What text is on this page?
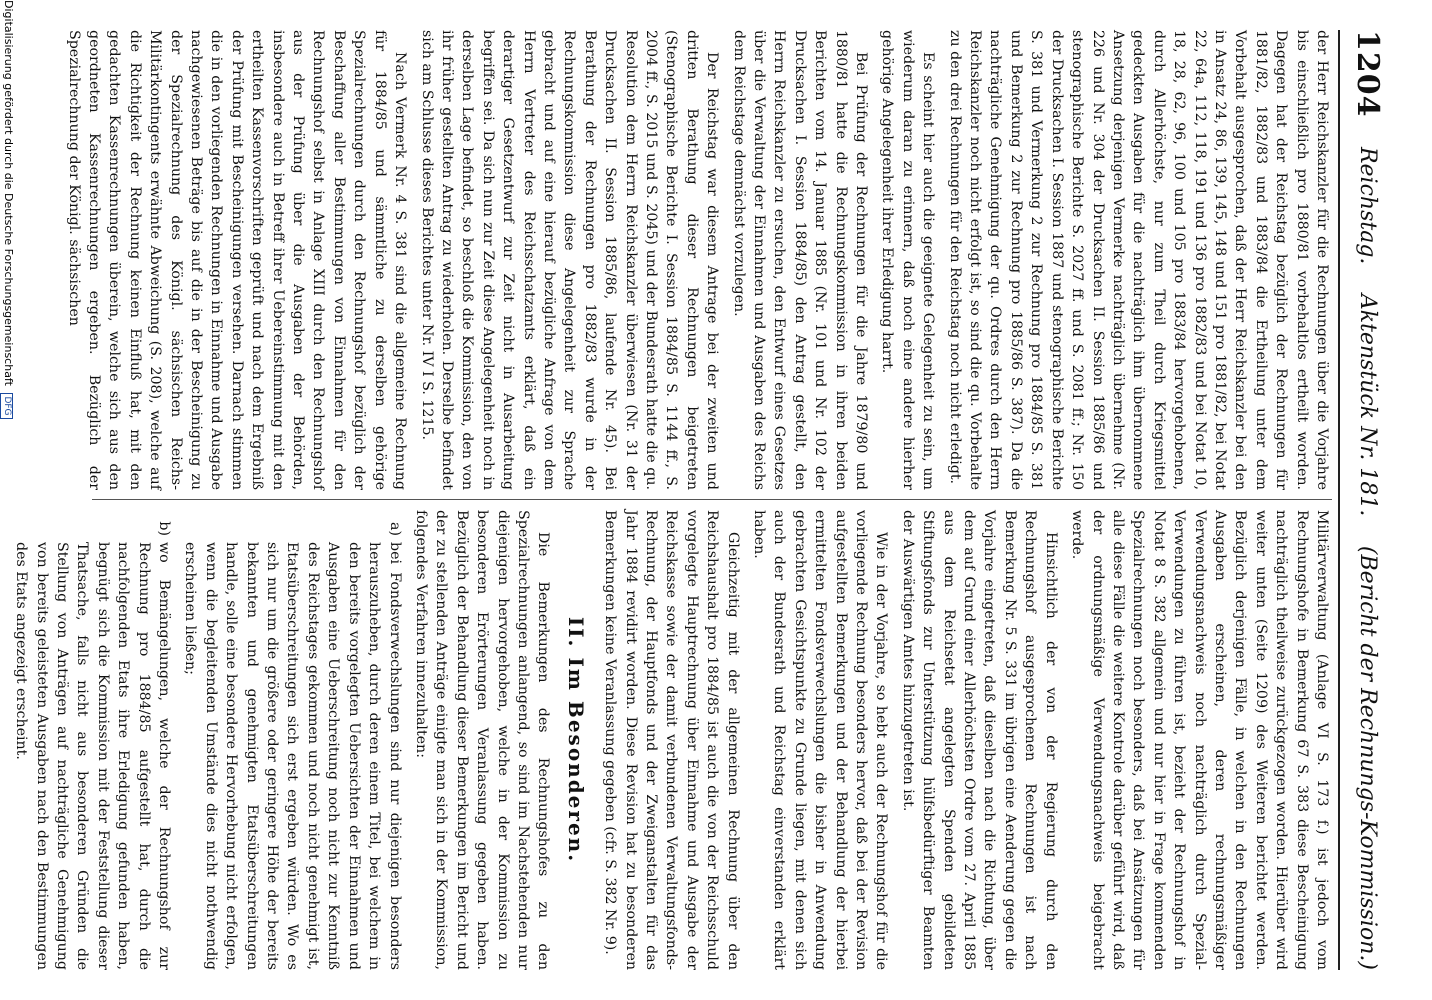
1204
Reichstag.
Aktenstück Nr. 181.
(Bericht der Rechnungs-Kommission.)

der Herr Reichskanzler für die Rechnungen über die Vorjahre bis einschließlich pro 1880/81 vorbehaltlos ertheilt worden. Dagegen hat der Reichstag bezüglich der Rechnungen für 1881/82, 1882/83 und 1883/84 die Ertheilung unter dem Vorbehalt ausgesprochen, daß der Herr Reichskanzler bei den in Ansatz 24, 86, 139, 145, 148 und 151 pro 1881/82, bei Notat 22, 64a, 112, 118, 191 und 136 pro 1882/83 und bei Notat 10, 18, 28, 62, 96, 100 und 105 pro 1883/84 hervorgehobenen, durch Allerhöchste, nur zum Theil durch Kriegsmittel gedeckten Ausgaben für die nachträglich ihm übernommene Ansetzung derjenigen Vermerke nachträglich übernehme (Nr. 226 und Nr. 304 der Drucksachen II. Session 1885/86 und stenographische Berichte S. 2027 ff. und S. 2081 ff.; Nr. 150 der Drucksachen I. Session 1887 und stenographische Berichte S. 381 und Vermerkung 2 zur Rechnung pro 1884/85 S. 381 und Bemerkung 2 zur Rechnung pro 1885/86 S. 387). Da die nachträgliche Genehmigung der qu. Ordres durch den Herrn Reichskanzler noch nicht erfolgt ist, so sind die qu. Vorbehalte zu den drei Rechnungen für den Reichstag noch nicht erledigt.

Es scheint hier auch die geeignete Gelegenheit zu sein, um wiederum daran zu erinnern, daß noch eine andere hierher gehörige Angelegenheit ihrer Erledigung harrt.

Bei Prüfung der Rechnungen für die Jahre 1879/80 und 1880/81 hatte die Rechnungskommission in ihren beiden Berichten vom 14. Januar 1885 (Nr. 101 und Nr. 102 der Drucksachen I. Session 1884/85) den Antrag gestellt, den Herrn Reichskanzler zu ersuchen, den Entwurf eines Gesetzes über die Verwaltung der Einnahmen und Ausgaben des Reichs dem Reichstage demnächst vorzulegen.

Der Reichstag war diesem Antrage bei der zweiten und dritten Berathung dieser Rechnungen beigetreten (Stenographische Berichte I. Session 1884/85 S. 1144 ff., S. 2004 ff., S. 2015 und S. 2045) und der Bundesrath hatte die qu. Resolution dem Herrn Reichskanzler überwiesen (Nr. 31 der Drucksachen II. Session 1885/86, laufende Nr. 45). Bei Berathung der Rechnungen pro 1882/83 wurde in der Rechnungskommission diese Angelegenheit zur Sprache gebracht und auf eine hierauf bezügliche Anfrage von dem Herrn Vertreter des Reichsschatzamts erklärt, daß ein derartiger Gesetzentwurf zur Zeit nicht in Ausarbeitung begriffen sei. Da sich nun zur Zeit diese Angelegenheit noch in derselben Lage befindet, so beschloß die Kommission, den von ihr früher gestellten Antrag zu wiederholen. Derselbe befindet sich am Schlusse dieses Berichtes unter Nr. IV I S. 1215.

Nach Vermerk Nr. 4 S. 381 sind die allgemeine Rechnung für 1884/85 und sämmtliche zu derselben gehörige Spezialrechnungen durch den Rechnungshof bezüglich der Beschaffung aller Bestimmungen von Einnahmen für den Rechnungshof selbst in Anlage XIII durch den Rechnungshof aus der Prüfung über die Ausgaben der Behörden, insbesondere auch in Betreff ihrer Uebereinstimmung mit den ertheilten Kassenvorschriften geprüft und nach dem Ergebniß der Prüfung mit Bescheinigungen versehen. Darnach stimmen die in den vorliegenden Rechnungen in Einnahme und Ausgabe nachgewiesenen Beträge bis auf die in der Bescheinigung zu der Spezialrechnung des Königl. sächsischen Reichs-Militärkontingents erwähnte Abweichung (S. 208), welche auf die Richtigkeit der Rechnung keinen Einfluß hat, mit den gedachten Kassenrechnungen überein, welche sich aus den geordneten Kassenrechnungen ergeben. Bezüglich der Spezialrechnung der Königl. sächsischen

Militärverwaltung (Anlage VI S. 173 f.) ist jedoch vom Rechnungshofe in Bemerkung 67 S. 383 diese Bescheinigung nachträglich theilweise zurückgezogen worden. Hierüber wird weiter unten (Seite 1209) des Weiteren berichtet werden. Bezüglich derjenigen Fälle, in welchen in den Rechnungen Ausgaben erscheinen, deren rechnungsmäßiger Verwendungsnachweis noch nachträglich durch Spezial-Verwendungen zu führen ist, bezieht der Rechnungshof in Notat 8 S. 382 allgemein und nur hier in Frage kommenden Spezialrechnungen noch besonders, daß bei Ansätzungen für alle diese Fälle die weitere Kontrole darüber geführt wird, daß der ordnungsmäßige Verwendungsnachweis beigebracht werde.

Hinsichtlich der von der Regierung durch den Rechnungshof ausgesprochenen Rechnungen ist nach Bemerkung Nr. 5 S. 331 im übrigen eine Aenderung gegen die Vorjahre eingetreten, daß dieselben nach die Richtung, über dem auf Grund einer Allerhöchsten Ordre vom 27. April 1885 aus dem Reichsetat angelegten Spenden gebildeten Stiftungsfonds zur Unterstützung hülfsbedürftiger Beamten der Auswärtigen Amtes hinzugetreten ist.

Wie in der Vorjahre, so hebt auch der Rechnungshof für die vorliegende Rechnung besonders hervor, daß bei der Revision aufgestellten Bemerkungen und der Behandlung der hierbei ermittelten Fondsverwechslungen die bisher in Anwendung gebrachten Gesichtspunkte zu Grunde liegen, mit denen sich auch der Bundesrath und Reichstag einverstanden erklärt haben.

Gleichzeitig mit der allgemeinen Rechnung über den Reichshaushalt pro 1884/85 ist auch die von der Reichsschuld vorgelegte Hauptrechnung über Einnahme und Ausgabe der Reichskasse sowie der damit verbundenen Verwaltungsfonds-Rechnung, der Hauptfonds und der Zweiganstalten für das Jahr 1884 revidirt worden. Diese Revision hat zu besonderen Bemerkungen keine Veranlassung gegeben (cfr. S. 382 Nr. 9).

II. Im Besonderen.

Die Bemerkungen des Rechnungshofes zu den Spezialrechnungen anlangend, so sind im Nachstehenden nur diejenigen hervorgehoben, welche in der Kommission zu besonderen Erörterungen Veranlassung gegeben haben. Bezüglich der Behandlung dieser Bemerkungen im Bericht und der zu stellenden Anträge einigte man sich in der Kommission, folgendes Verfahren innezuhalten:

a)
bei Fondsverwechslungen sind nur diejenigen besonders herauszuheben, durch deren einem Titel, bei welchem in den bereits vorgelegten Uebersichten der Einnahmen und Ausgaben eine Ueberschreitung noch nicht zur Kenntniß des Reichstages gekommen und noch nicht genehmigt ist, Etatsüberschreitungen sich erst ergeben würden. Wo es sich nur um die größere oder geringere Höhe der bereits bekannten und genehmigten Etatsüberschreitungen handle, solle eine besondere Hervorhebung nicht erfolgen, wenn die begleitenden Umstände dies nicht nothwendig erscheinen ließen;
b)
wo Bemängelungen, welche der Rechnungshof zur Rechnung pro 1884/85 aufgestellt hat, durch die nachfolgenden Etats ihre Erledigung gefunden haben, begnügt sich die Kommission mit der Feststellung dieser Thatsache, falls nicht aus besonderen Gründen die Stellung von Anträgen auf nachträgliche Genehmigung von bereits geleisteten Ausgaben nach den Bestimmungen des Etats angezeigt erscheint.
Digitalisierung gefördert durch die Deutsche Forschungsgemeinschaft DFG
